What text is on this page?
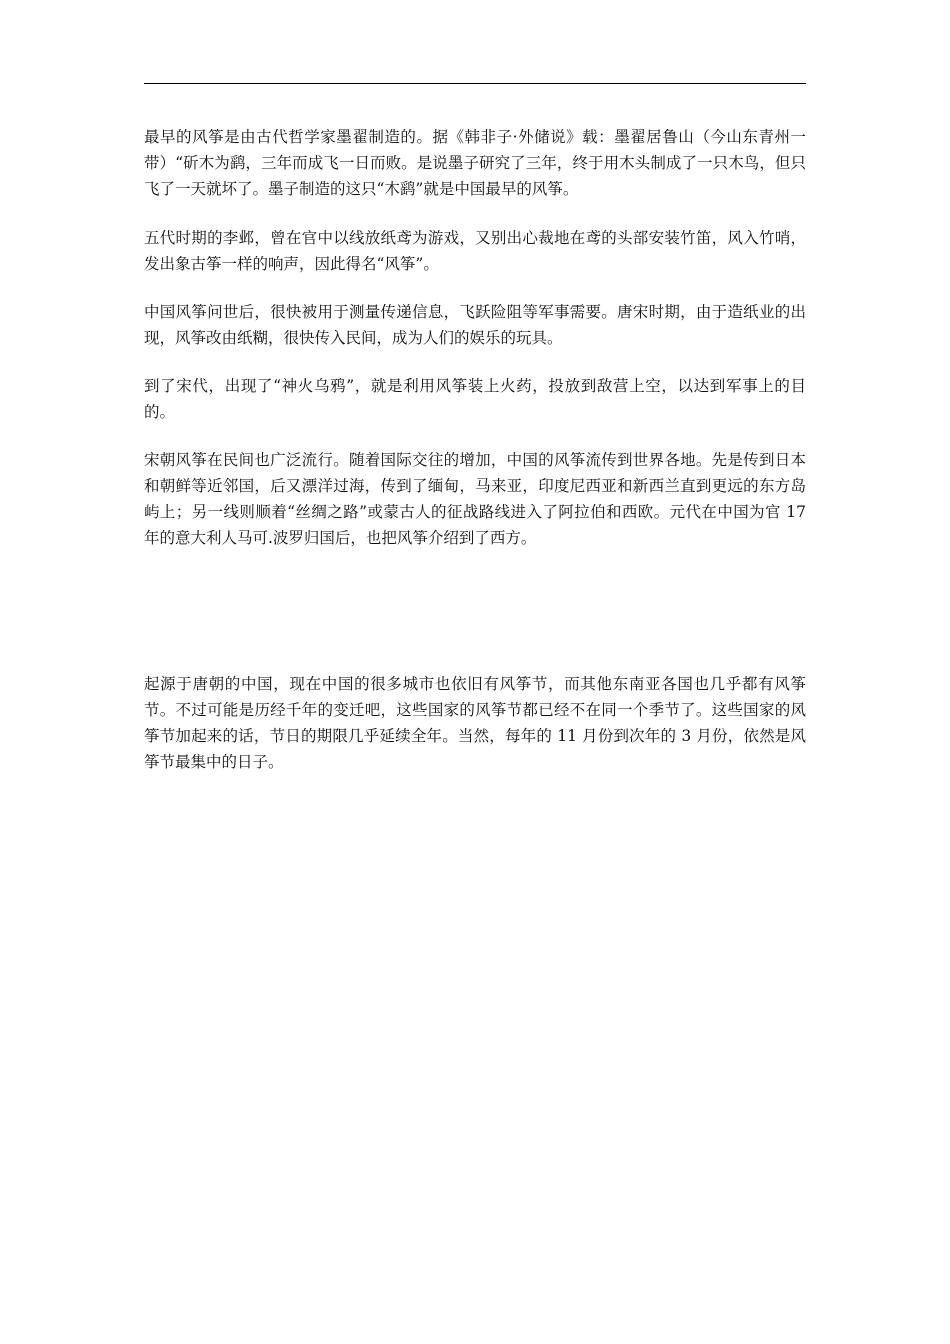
最早的风筝是由古代哲学家墨翟制造的。据《韩非子·外储说》载：墨翟居鲁山（今山东青州一带）“斫木为鹞，三年而成飞一日而败。是说墨子研究了三年，终于用木头制成了一只木鸟，但只飞了一天就坏了。墨子制造的这只“木鹞”就是中国最早的风筝。

五代时期的李邺，曾在官中以线放纸鸢为游戏，又别出心裁地在鸢的头部安装竹笛，风入竹哨，发出象古筝一样的响声，因此得名“风筝”。

中国风筝问世后，很快被用于测量传递信息，飞跃险阻等军事需要。唐宋时期，由于造纸业的出现，风筝改由纸糊，很快传入民间，成为人们的娱乐的玩具。

到了宋代，出现了“神火乌鸦”，就是利用风筝装上火药，投放到敌营上空，以达到军事上的目的。

宋朝风筝在民间也广泛流行。随着国际交往的增加，中国的风筝流传到世界各地。先是传到日本和朝鲜等近邻国，后又漂洋过海，传到了缅甸，马来亚，印度尼西亚和新西兰直到更远的东方岛屿上；另一线则顺着“丝绸之路”或蒙古人的征战路线进入了阿拉伯和西欧。元代在中国为官 17 年的意大利人马可.波罗归国后，也把风筝介绍到了西方。

起源于唐朝的中国，现在中国的很多城市也依旧有风筝节，而其他东南亚各国也几乎都有风筝节。不过可能是历经千年的变迁吧，这些国家的风筝节都已经不在同一个季节了。这些国家的风筝节加起来的话，节日的期限几乎延续全年。当然，每年的 11 月份到次年的 3 月份，依然是风筝节最集中的日子。
